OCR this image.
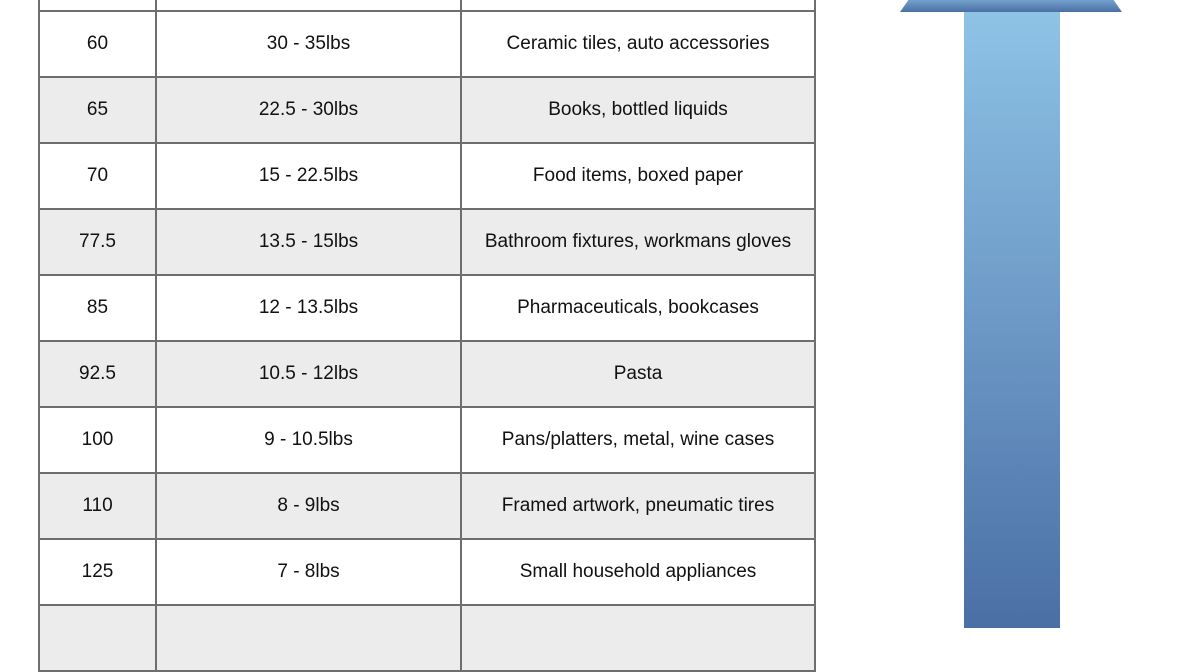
60	30 - 35lbs	Ceramic tiles, auto accessories
65	22.5 - 30lbs	Books, bottled liquids
70	15 - 22.5lbs	Food items, boxed paper
77.5	13.5 - 15lbs	Bathroom fixtures, workmans gloves
85	12 - 13.5lbs	Pharmaceuticals, bookcases
92.5	10.5 - 12lbs	Pasta
100	9 - 10.5lbs	Pans/platters, metal, wine cases
110	8 - 9lbs	Framed artwork, pneumatic tires
125	7 - 8lbs	Small household appliances
